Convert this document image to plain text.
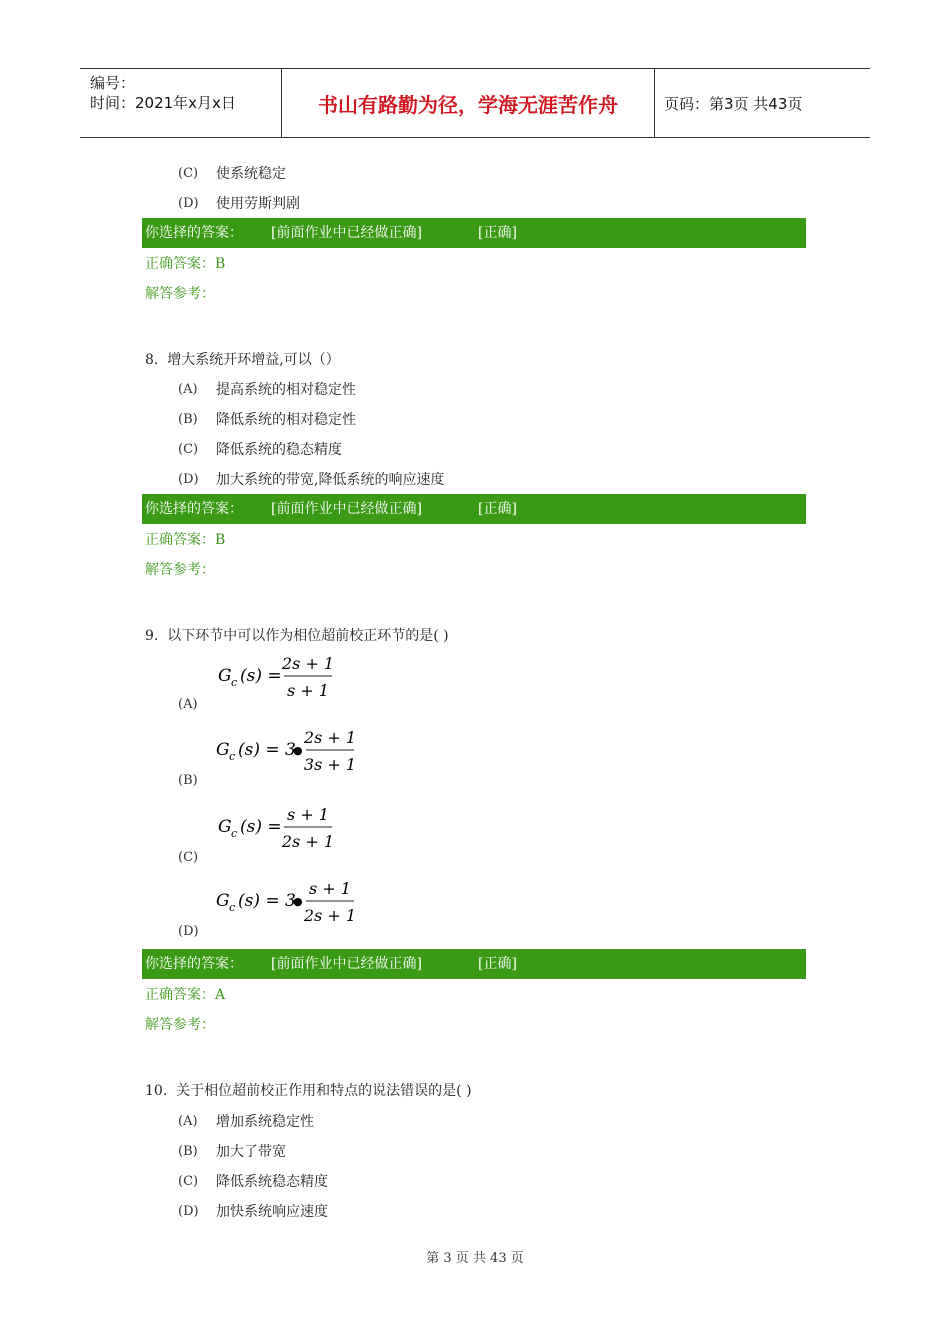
编号：
时间：2021年x月x日	书山有路勤为径，学海无涯苦作舟	页码：第3页 共43页
(C) 使系统稳定
(D) 使用劳斯判剧
你选择的答案： [前面作业中已经做正确]	[正确]
正确答案：B
解答参考：
8.  增大系统开环增益,可以（）
(A) 提高系统的相对稳定性
(B) 降低系统的相对稳定性
(C) 降低系统的稳态精度
(D) 加大系统的带宽,降低系统的响应速度
你选择的答案： [前面作业中已经做正确]	[正确]
正确答案：B
解答参考：
9.  以下环节中可以作为相位超前校正环节的是( )
G c (s) =
2s + 1
s + 1
(A)
G c (s) = 3
●
2s + 1
3s + 1
(B)
G c (s) =
s + 1
2s + 1
(C)
G c (s) = 3
●
s + 1
2s + 1
(D)
你选择的答案： [前面作业中已经做正确]	[正确]
正确答案：A
解答参考：
10.  关于相位超前校正作用和特点的说法错误的是( )
(A) 增加系统稳定性
(B) 加大了带宽
(C) 降低系统稳态精度
(D) 加快系统响应速度
第 3 页 共 43 页
